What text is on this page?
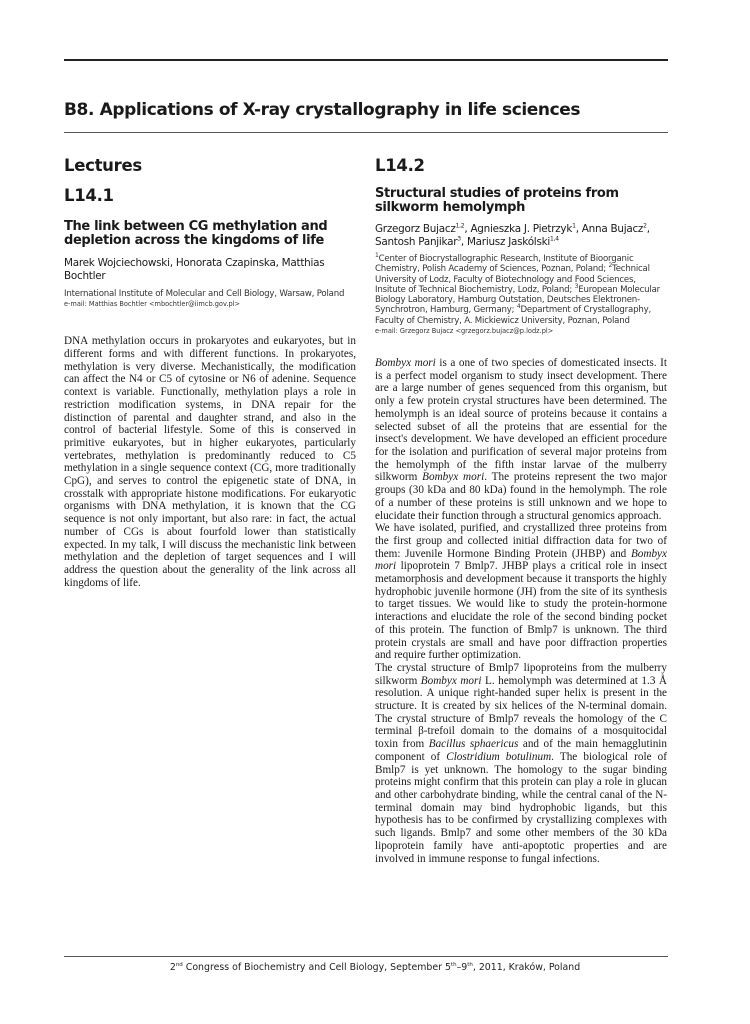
B8. Applications of X-ray crystallography in life sciences
Lectures
L14.1
The link between CG methylation and depletion across the kingdoms of life

Marek Wojciechowski, Honorata Czapinska, Matthias Bochtler

International Institute of Molecular and Cell Biology, Warsaw, Poland

e-mail: Matthias Bochtler <mbochtler@iimcb.gov.pl>

DNA methylation occurs in prokaryotes and eukaryotes, but in different forms and with different functions. In prokaryotes, methylation is very diverse. Mechanistically, the modification can affect the N4 or C5 of cytosine or N6 of adenine. Sequence context is variable. Functionally, methylation plays a role in restriction modification systems, in DNA repair for the distinction of parental and daughter strand, and also in the control of bacterial lifestyle. Some of this is conserved in primitive eukaryotes, but in higher eukaryotes, particularly vertebrates, methylation is predominantly reduced to C5 methylation in a single sequence context (CG, more traditionally CpG), and serves to control the epigenetic state of DNA, in crosstalk with appropriate histone modifications. For eukaryotic organisms with DNA methylation, it is known that the CG sequence is not only important, but also rare: in fact, the actual number of CGs is about fourfold lower than statistically expected. In my talk, I will discuss the mechanistic link between methylation and the depletion of target sequences and I will address the question about the generality of the link across all kingdoms of life.

L14.2
Structural studies of proteins from silkworm hemolymph

Grzegorz Bujacz$^{1,2}$, Agnieszka J. Pietrzyk$^1$, Anna Bujacz$^2$, Santosh Panjikar$^3$, Mariusz Jaskólski$^{1,4}$

$^1$Center of Biocrystallographic Research, Institute of Bioorganic Chemistry, Polish Academy of Sciences, Poznan, Poland; $^2$Technical University of Lodz, Faculty of Biotechnology and Food Sciences, Insitute of Technical Biochemistry, Lodz, Poland; $^3$European Molecular Biology Laboratory, Hamburg Outstation, Deutsches Elektronen-Synchrotron, Hamburg, Germany; $^4$Department of Crystallography, Faculty of Chemistry, A. Mickiewicz University, Poznan, Poland

e-mail: Grzegorz Bujacz <grzegorz.bujacz@p.lodz.pl>

Bombyx mori is a one of two species of domesticated insects. It is a perfect model organism to study insect development. There are a large number of genes sequenced from this organism, but only a few protein crystal structures have been determined. The hemolymph is an ideal source of proteins because it contains a selected subset of all the proteins that are essential for the insect's development. We have developed an efficient procedure for the isolation and purification of several major proteins from the hemolymph of the fifth instar larvae of the mulberry silkworm Bombyx mori. The proteins represent the two major groups (30 kDa and 80 kDa) found in the hemolymph. The role of a number of these proteins is still unknown and we hope to elucidate their function through a structural genomics approach.

We have isolated, purified, and crystallized three proteins from the first group and collected initial diffraction data for two of them: Juvenile Hormone Binding Protein (JHBP) and Bombyx mori lipoprotein 7 Bmlp7. JHBP plays a critical role in insect metamorphosis and development because it transports the highly hydrophobic juvenile hormone (JH) from the site of its synthesis to target tissues. We would like to study the protein-hormone interactions and elucidate the role of the second binding pocket of this protein. The function of Bmlp7 is unknown. The third protein crystals are small and have poor diffraction properties and require further optimization.

The crystal structure of Bmlp7 lipoproteins from the mulberry silkworm Bombyx mori L. hemolymph was determined at 1.3 Å resolution. A unique right-handed super helix is present in the structure. It is created by six helices of the N-terminal domain. The crystal structure of Bmlp7 reveals the homology of the C terminal β-trefoil domain to the domains of a mosquitocidal toxin from Bacillus sphaericus and of the main hemagglutinin component of Clostridium botulinum. The biological role of Bmlp7 is yet unknown. The homology to the sugar binding proteins might confirm that this protein can play a role in glucan and other carbohydrate binding, while the central canal of the N-terminal domain may bind hydrophobic ligands, but this hypothesis has to be confirmed by crystallizing complexes with such ligands. Bmlp7 and some other members of the 30 kDa lipoprotein family have anti-apoptotic properties and are involved in immune response to fungal infections.

2nd Congress of Biochemistry and Cell Biology, September 5th–9th, 2011, Kraków, Poland
